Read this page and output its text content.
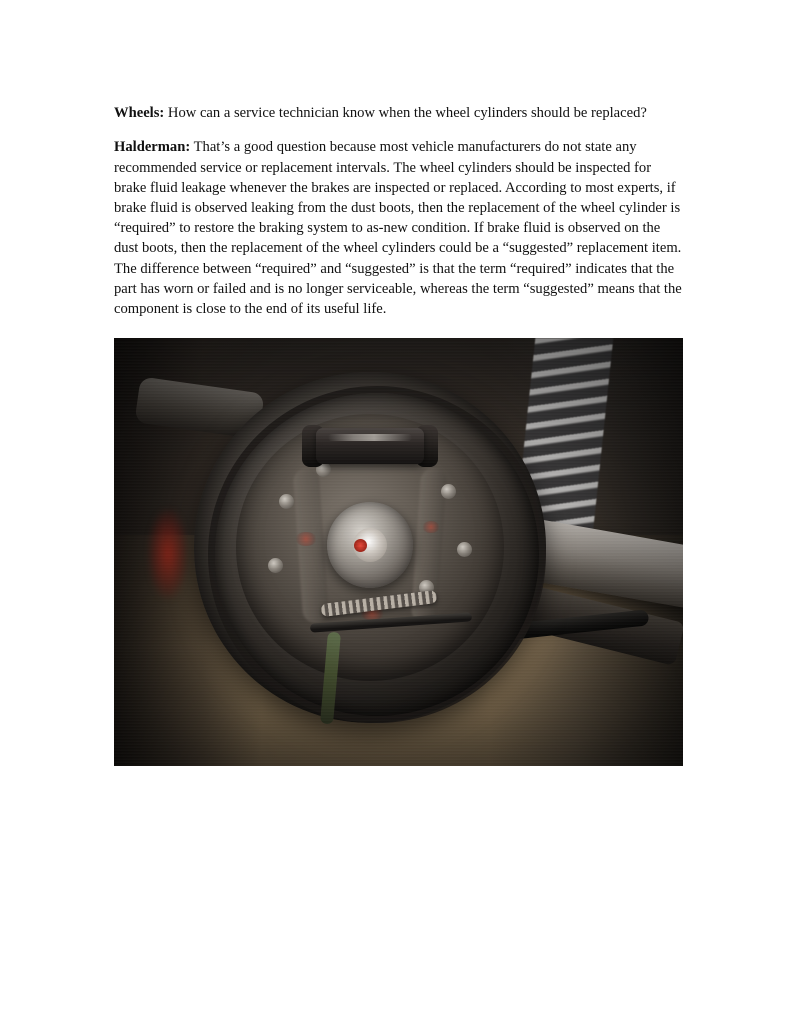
Wheels: How can a service technician know when the wheel cylinders should be replaced?

Halderman: That’s a good question because most vehicle manufacturers do not state any recommended service or replacement intervals. The wheel cylinders should be inspected for brake fluid leakage whenever the brakes are inspected or replaced. According to most experts, if brake fluid is observed leaking from the dust boots, then the replacement of the wheel cylinder is “required” to restore the braking system to as-new condition. If brake fluid is observed on the dust boots, then the replacement of the wheel cylinders could be a “suggested” replacement item. The difference between “required” and “suggested” is that the term “required” indicates that the part has worn or failed and is no longer serviceable, whereas the term “suggested” means that the component is close to the end of its useful life.
